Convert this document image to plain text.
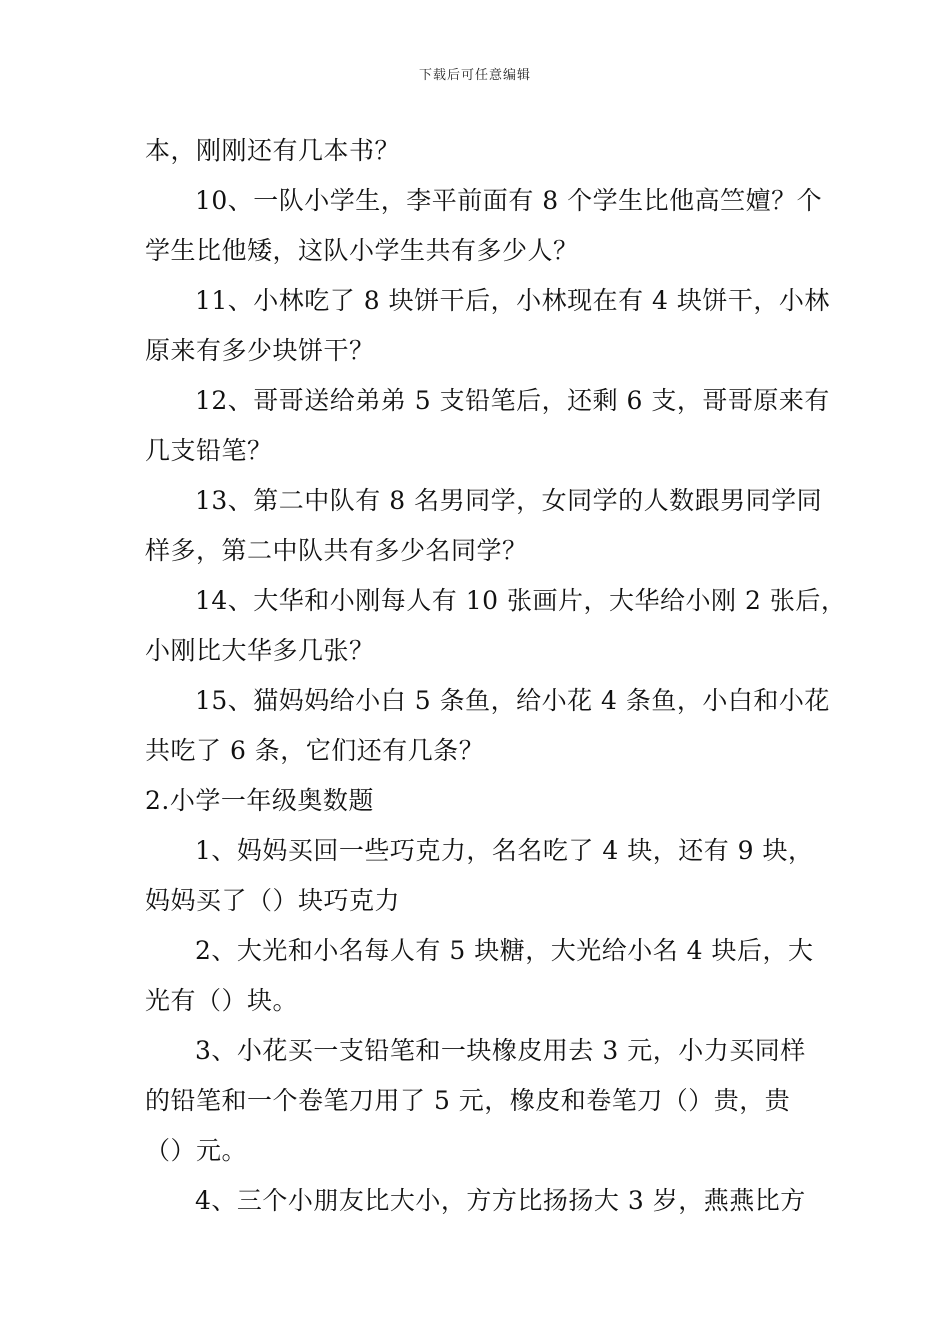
下载后可任意编辑
本，刚刚还有几本书？
10、一队小学生，李平前面有 8 个学生比他高竺嬗？个
学生比他矮，这队小学生共有多少人？
11、小林吃了 8 块饼干后，小林现在有 4 块饼干，小林
原来有多少块饼干？
12、哥哥送给弟弟 5 支铅笔后，还剩 6 支，哥哥原来有
几支铅笔？
13、第二中队有 8 名男同学，女同学的人数跟男同学同
样多，第二中队共有多少名同学？
14、大华和小刚每人有 10 张画片，大华给小刚 2 张后，
小刚比大华多几张？
15、猫妈妈给小白 5 条鱼，给小花 4 条鱼，小白和小花
共吃了 6 条，它们还有几条？
2.小学一年级奥数题
1、妈妈买回一些巧克力，名名吃了 4 块，还有 9 块，
妈妈买了（）块巧克力
2、大光和小名每人有 5 块糖，大光给小名 4 块后，大
光有（）块。
3、小花买一支铅笔和一块橡皮用去 3 元，小力买同样
的铅笔和一个卷笔刀用了 5 元，橡皮和卷笔刀（）贵，贵
（）元。
4、三个小朋友比大小，方方比扬扬大 3 岁，燕燕比方
